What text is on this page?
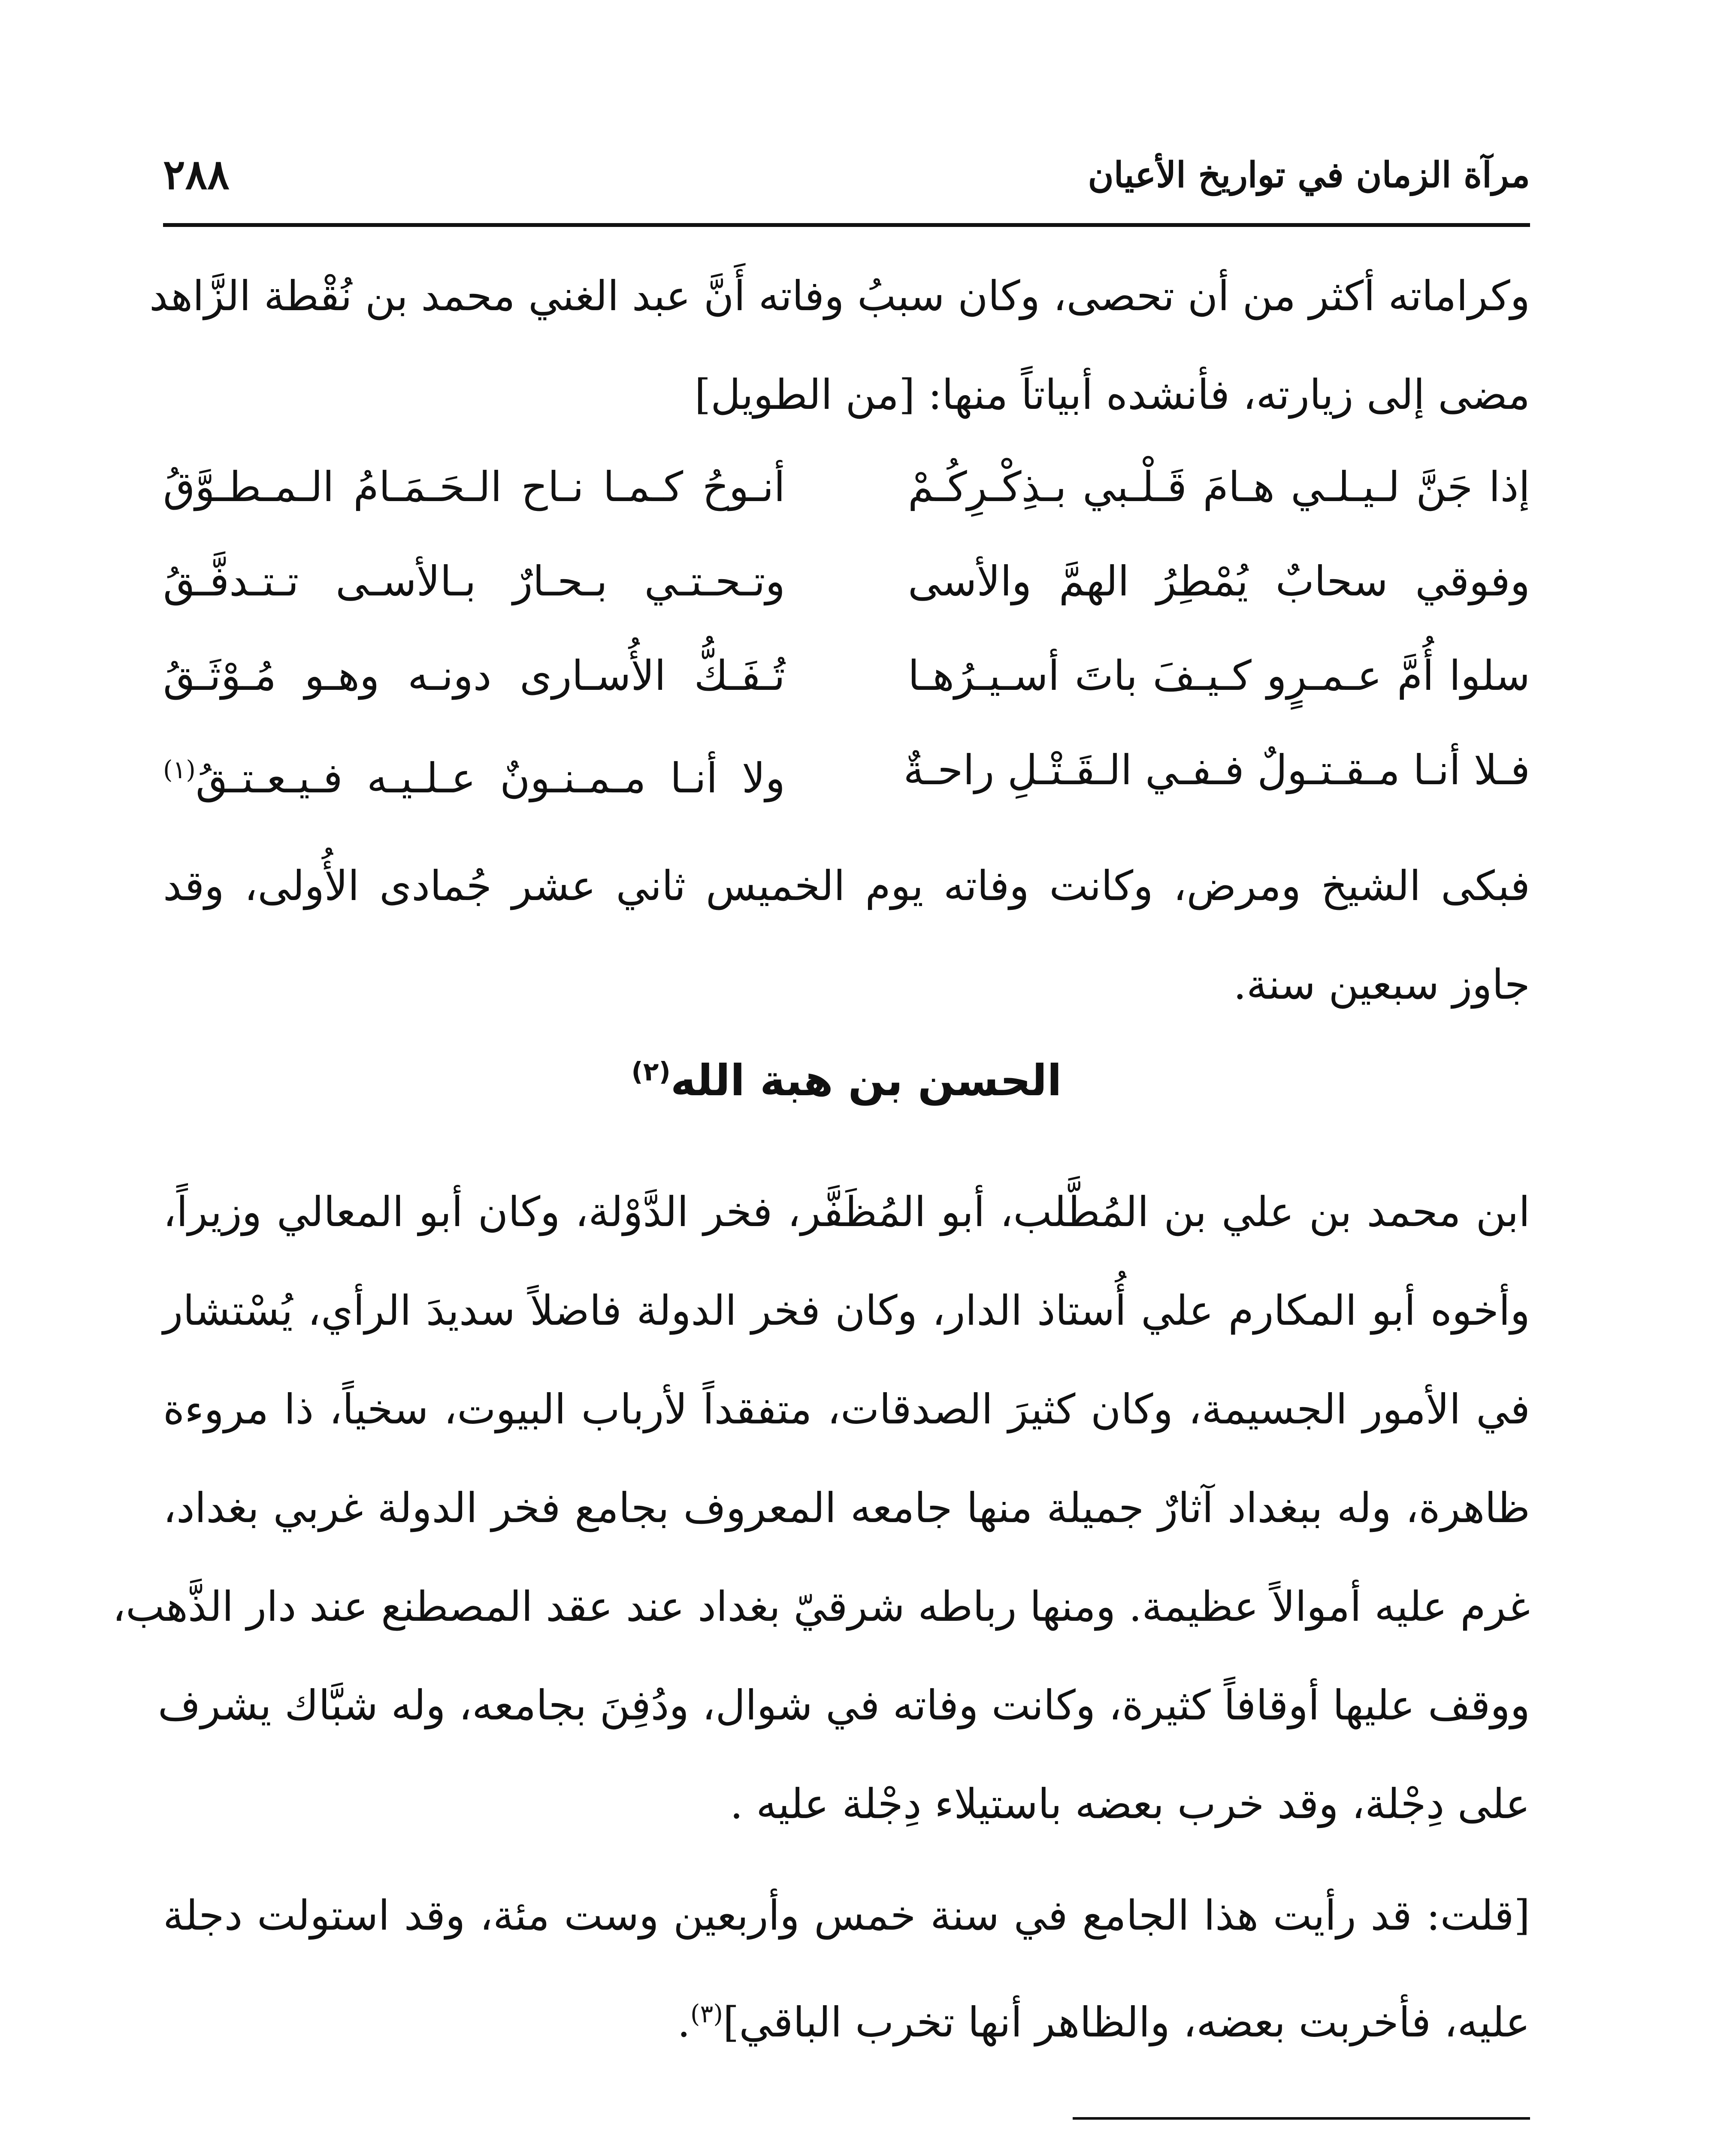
مرآة الزمان في تواريخ الأعيان
٢٨٨
وكراماته أكثر من أن تحصى، وكان سببُ وفاته أَنَّ عبد الغني محمد بن نُقْطة الزَّاهد
مضى إلى زيارته، فأنشده أبياتاً منها: [من الطويل]
إذا جَنَّ لـيـلـي هـامَ قَـلْـبي بـذِكْـرِكُـمْ
أنـوحُ كـمـا نـاح الـحَـمَـامُ الـمـطـوَّقُ
وفوقي سحابٌ يُمْطِرُ الهمَّ والأسى
وتـحـتـي بـحـارٌ بـالأسـى تـتـدفَّـقُ
سلوا أُمَّ عـمـرٍو كـيـفَ باتَ أسـيـرُهـا
تُـفَـكُّ الأُسـارى دونـه وهـو مُـوْثَـقُ
فـلا أنـا مـقـتـولٌ فـفـي الـقَـتْـلِ راحـةٌ
ولا أنـا مـمـنـونٌ عـلـيـه فـيـعـتـقُ$^{(١)}$
فبكى الشيخ ومرض، وكانت وفاته يوم الخميس ثاني عشر جُمادى الأُولى، وقد
جاوز سبعين سنة.
الحسن بن هبة الله$^{(٢)}$
ابن محمد بن علي بن المُطَّلب، أبو المُظَفَّر، فخر الدَّوْلة، وكان أبو المعالي وزيراً،
وأخوه أبو المكارم علي أُستاذ الدار، وكان فخر الدولة فاضلاً سديدَ الرأي، يُسْتشار
في الأمور الجسيمة، وكان كثيرَ الصدقات، متفقداً لأرباب البيوت، سخياً، ذا مروءة
ظاهرة، وله ببغداد آثارٌ جميلة منها جامعه المعروف بجامع فخر الدولة غربي بغداد،
غرم عليه أموالاً عظيمة. ومنها رباطه شرقيّ بغداد عند عقد المصطنع عند دار الذَّهب،
ووقف عليها أوقافاً كثيرة، وكانت وفاته في شوال، ودُفِنَ بجامعه، وله شبَّاك يشرف
على دِجْلة، وقد خرب بعضه باستيلاء دِجْلة عليه .
[قلت: قد رأيت هذا الجامع في سنة خمس وأربعين وست مئة، وقد استولت دجلة
عليه، فأخربت بعضه، والظاهر أنها تخرب الباقي]$^{(٣)}$.
